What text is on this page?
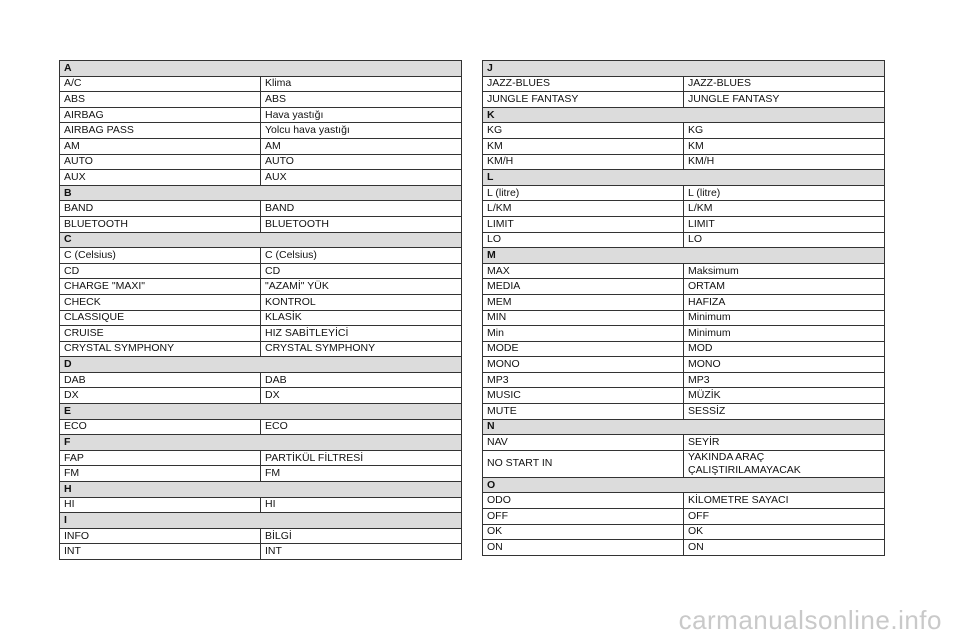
A	
A/C	Klima
ABS	ABS
AIRBAG	Hava yastığı
AIRBAG PASS	Yolcu hava yastığı
AM	AM
AUTO	AUTO
AUX	AUX
B	
BAND	BAND
BLUETOOTH	BLUETOOTH
C	
C (Celsius)	C (Celsius)
CD	CD
CHARGE "MAXI"	"AZAMİ" YÜK
CHECK	KONTROL
CLASSIQUE	KLASİK
CRUISE	HIZ SABİTLEYİCİ
CRYSTAL SYMPHONY	CRYSTAL SYMPHONY
D	
DAB	DAB
DX	DX
E	
ECO	ECO
F	
FAP	PARTİKÜL FİLTRESİ
FM	FM
H	
HI	HI
I	
INFO	BİLGİ
INT	INT
J	
JAZZ-BLUES	JAZZ-BLUES
JUNGLE FANTASY	JUNGLE FANTASY
K	
KG	KG
KM	KM
KM/H	KM/H
L	
L (litre)	L (litre)
L/KM	L/KM
LIMIT	LIMIT
LO	LO
M	
MAX	Maksimum
MEDIA	ORTAM
MEM	HAFIZA
MIN	Minimum
Min	Minimum
MODE	MOD
MONO	MONO
MP3	MP3
MUSIC	MÜZİK
MUTE	SESSİZ
N	
NAV	SEYİR
NO START IN	YAKINDA ARAÇ
ÇALIŞTIRILAMAYACAK
O	
ODO	KİLOMETRE SAYACI
OFF	OFF
OK	OK
ON	ON
carmanualsonline.info
